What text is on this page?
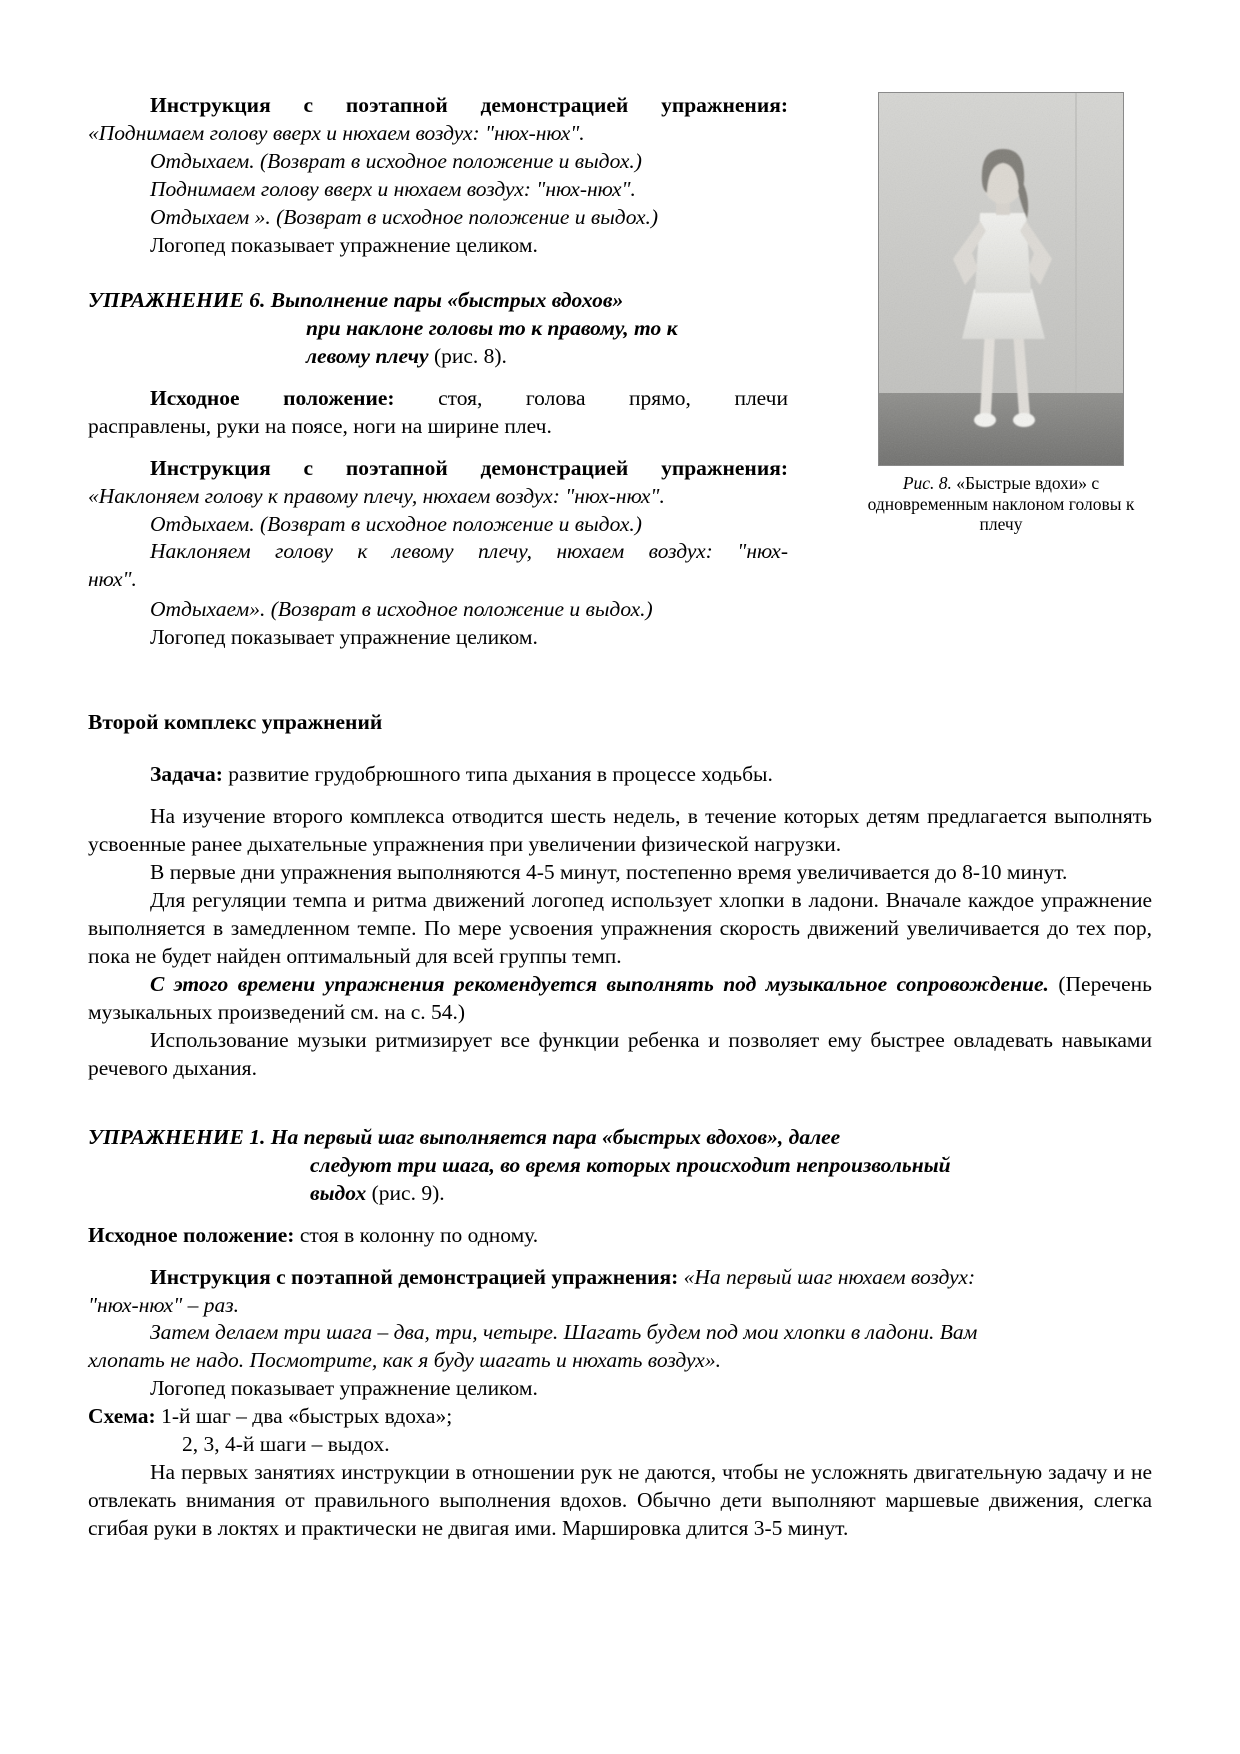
Рис. 8. «Быстрые вдохи» с
одновременным наклоном головы к
плечу

Инструкция с поэтапной демонстрацией упражнения:

«Поднимаем голову вверх и нюхаем воздух: "нюх-нюх".

Отдыхаем. (Возврат в исходное положение и выдох.)

Поднимаем голову вверх и нюхаем воздух: "нюх-нюх".

Отдыхаем ». (Возврат в исходное положение и выдох.)

Логопед показывает упражнение целиком.

УПРАЖНЕНИЕ 6. Выполнение пары «быстрых вдохов»

при наклоне головы то к правому, то к

левому плечу (рис. 8).

Исходное положение: стоя, голова прямо, плечи

расправлены, руки на поясе, ноги на ширине плеч.

Инструкция с поэтапной демонстрацией упражнения:

«Наклоняем голову к правому плечу, нюхаем воздух: "нюх-нюх".

Отдыхаем. (Возврат в исходное положение и выдох.)

Наклоняем голову к левому плечу, нюхаем воздух: "нюх-

нюх".

Отдыхаем». (Возврат в исходное положение и выдох.)

Логопед показывает упражнение целиком.

Второй комплекс упражнений

Задача: развитие грудобрюшного типа дыхания в процессе ходьбы.

На изучение второго комплекса отводится шесть недель, в течение которых детям предлагается выполнять усвоенные ранее дыхательные упражнения при увеличении физической нагрузки.

В первые дни упражнения выполняются 4-5 минут, постепенно время увеличивается до 8-10 минут.

Для регуляции темпа и ритма движений логопед использует хлопки в ладони. Вначале каждое упражнение выполняется в замедленном темпе. По мере усвоения упражнения скорость движений увеличивается до тех пор, пока не будет найден оптимальный для всей группы темп.

С этого времени упражнения рекомендуется выполнять под музыкальное сопровождение. (Перечень музыкальных произведений см. на с. 54.)

Использование музыки ритмизирует все функции ребенка и позволяет ему быстрее овладевать навыками речевого дыхания.

УПРАЖНЕНИЕ 1. На первый шаг выполняется пара «быстрых вдохов», далее

следуют три шага, во время которых происходит непроизвольный

выдох (рис. 9).

Исходное положение: стоя в колонну по одному.

Инструкция с поэтапной демонстрацией упражнения: «На первый шаг нюхаем воздух:

"нюх-нюх" – раз.

Затем делаем три шага – два, три, четыре. Шагать будем под мои хлопки в ладони. Вам

хлопать не надо. Посмотрите, как я буду шагать и нюхать воздух».

Логопед показывает упражнение целиком.

Схема: 1-й шаг – два «быстрых вдоха»;

2, 3, 4-й шаги – выдох.

На первых занятиях инструкции в отношении рук не даются, чтобы не усложнять двигательную задачу и не отвлекать внимания от правильного выполнения вдохов. Обычно дети выполняют маршевые движения, слегка сгибая руки в локтях и практически не двигая ими. Марширoвка длится 3-5 минут.
